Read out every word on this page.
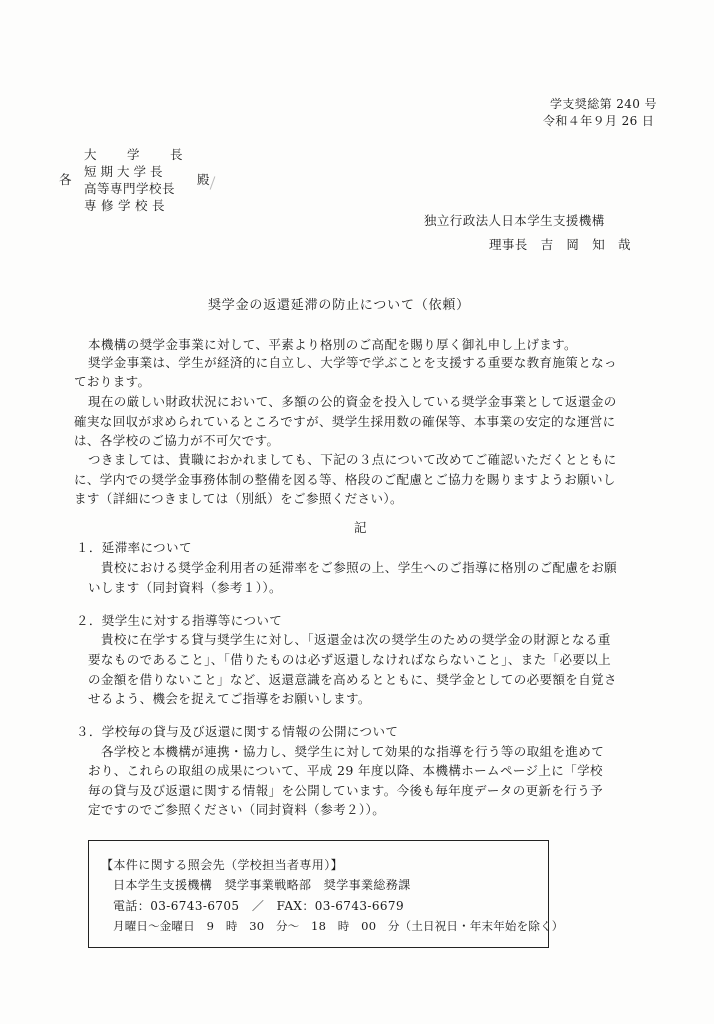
学支奨総第 240 号
令和４年９月 26 日
各
大　学　長
短期大学長
高等専門学校長
専修学校長
殿
独立行政法人日本学生支援機構
理事長　吉　岡　知　哉
奨学金の返還延滞の防止について（依頼）
本機構の奨学金事業に対して、平素より格別のご高配を賜り厚く御礼申し上げます。
奨学金事業は、学生が経済的に自立し、大学等で学ぶことを支援する重要な教育施策となっ
ております。
現在の厳しい財政状況において、多額の公的資金を投入している奨学金事業として返還金の
確実な回収が求められているところですが、奨学生採用数の確保等、本事業の安定的な運営に
は、各学校のご協力が不可欠です。
つきましては、貴職におかれましても、下記の３点について改めてご確認いただくとともに
に、学内での奨学金事務体制の整備を図る等、格段のご配慮とご協力を賜りますようお願いし
ます（詳細につきましては（別紙）をご参照ください）。
記
１．延滞率について
貴校における奨学金利用者の延滞率をご参照の上、学生へのご指導に格別のご配慮をお願
いします（同封資料（参考１））。
２．奨学生に対する指導等について
貴校に在学する貸与奨学生に対し、「返還金は次の奨学生のための奨学金の財源となる重
要なものであること」、「借りたものは必ず返還しなければならないこと」、また「必要以上
の金額を借りないこと」など、返還意識を高めるとともに、奨学金としての必要額を自覚さ
せるよう、機会を捉えてご指導をお願いします。
３．学校毎の貸与及び返還に関する情報の公開について
各学校と本機構が連携・協力し、奨学生に対して効果的な指導を行う等の取組を進めて
おり、これらの取組の成果について、平成 29 年度以降、本機構ホームページ上に「学校
毎の貸与及び返還に関する情報」を公開しています。今後も毎年度データの更新を行う予
定ですのでご参照ください（同封資料（参考２））。
【本件に関する照会先（学校担当者専用）】
日本学生支援機構　奨学事業戦略部　奨学事業総務課
電話：03-6743-6705　／　FAX：03-6743-6679
月曜日～金曜日　9　時　30　分～　18　時　00　分（土日祝日・年末年始を除く）
